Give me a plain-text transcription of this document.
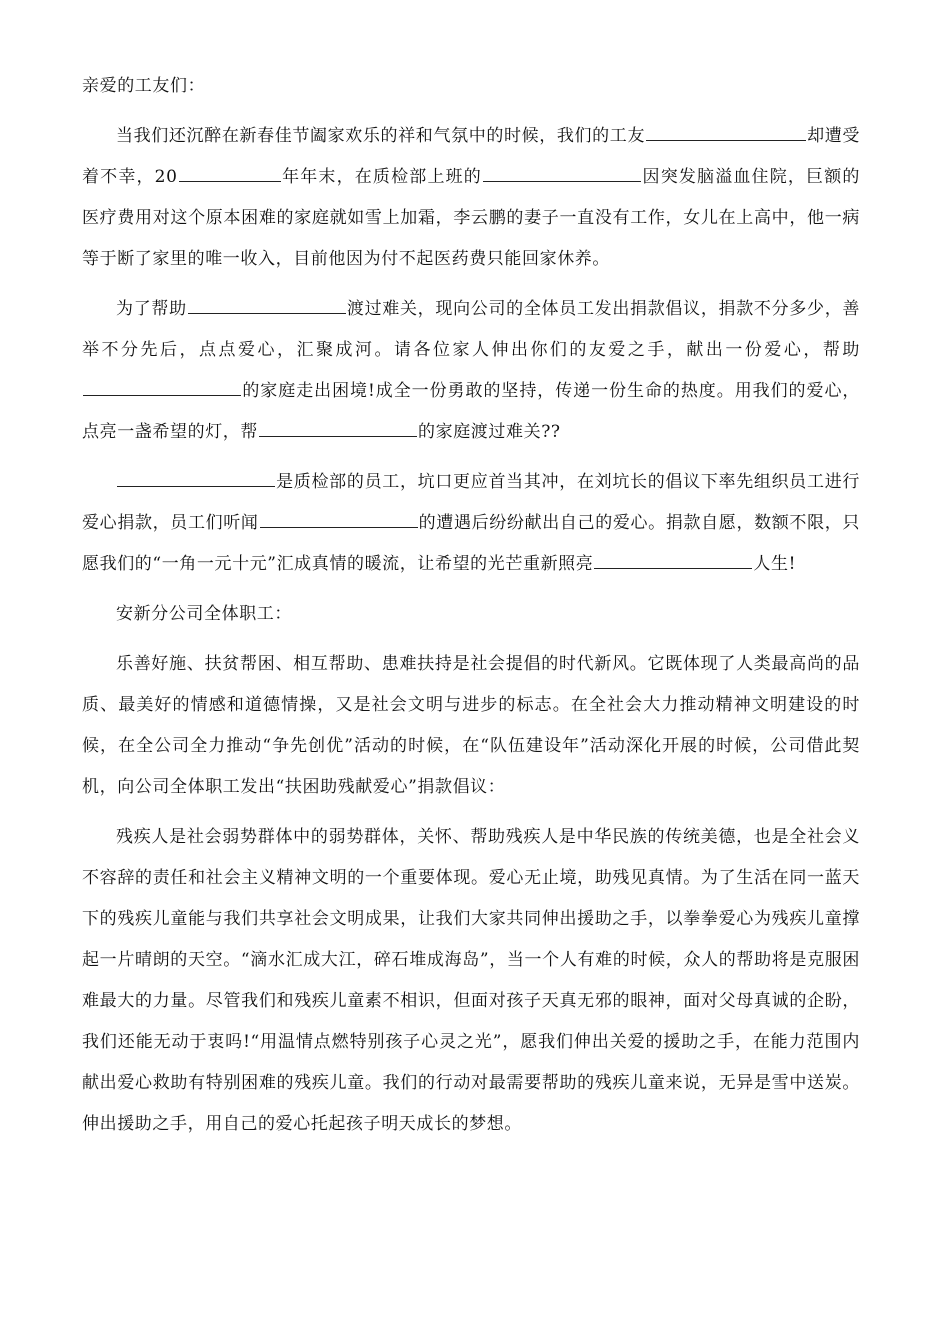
亲爱的工友们：

当我们还沉醉在新春佳节阖家欢乐的祥和气氛中的时候，我们的工友	却遭受着不幸，20	年年末，在质检部上班的	因突发脑溢血住院，巨额的医疗费用对这个原本困难的家庭就如雪上加霜，李云鹏的妻子一直没有工作，女儿在上高中，他一病等于断了家里的唯一收入，目前他因为付不起医药费只能回家休养。

为了帮助	渡过难关，现向公司的全体员工发出捐款倡议，捐款不分多少，善举不分先后，点点爱心，汇聚成河。请各位家人伸出你们的友爱之手，献出一份爱心，帮助的家庭走出困境!成全一份勇敢的坚持，传递一份生命的热度。用我们的爱心，点亮一盏希望的灯，帮	的家庭渡过难关??

是质检部的员工，坑口更应首当其冲，在刘坑长的倡议下率先组织员工进行爱心捐款，员工们听闻	的遭遇后纷纷献出自己的爱心。捐款自愿，数额不限，只愿我们的“一角一元十元”汇成真情的暖流，让希望的光芒重新照亮	人生!

安新分公司全体职工：

乐善好施、扶贫帮困、相互帮助、患难扶持是社会提倡的时代新风。它既体现了人类最高尚的品质、最美好的情感和道德情操，又是社会文明与进步的标志。在全社会大力推动精神文明建设的时候，在全公司全力推动“争先创优”活动的时候，在“队伍建设年”活动深化开展的时候，公司借此契机，向公司全体职工发出“扶困助残献爱心”捐款倡议：

残疾人是社会弱势群体中的弱势群体，关怀、帮助残疾人是中华民族的传统美德，也是全社会义不容辞的责任和社会主义精神文明的一个重要体现。爱心无止境，助残见真情。为了生活在同一蓝天下的残疾儿童能与我们共享社会文明成果，让我们大家共同伸出援助之手，以拳拳爱心为残疾儿童撑起一片晴朗的天空。“滴水汇成大江，碎石堆成海岛”，当一个人有难的时候，众人的帮助将是克服困难最大的力量。尽管我们和残疾儿童素不相识，但面对孩子天真无邪的眼神，面对父母真诚的企盼，我们还能无动于衷吗!“用温情点燃特别孩子心灵之光”，愿我们伸出关爱的援助之手，在能力范围内献出爱心救助有特别困难的残疾儿童。我们的行动对最需要帮助的残疾儿童来说，无异是雪中送炭。伸出援助之手，用自己的爱心托起孩子明天成长的梦想。
